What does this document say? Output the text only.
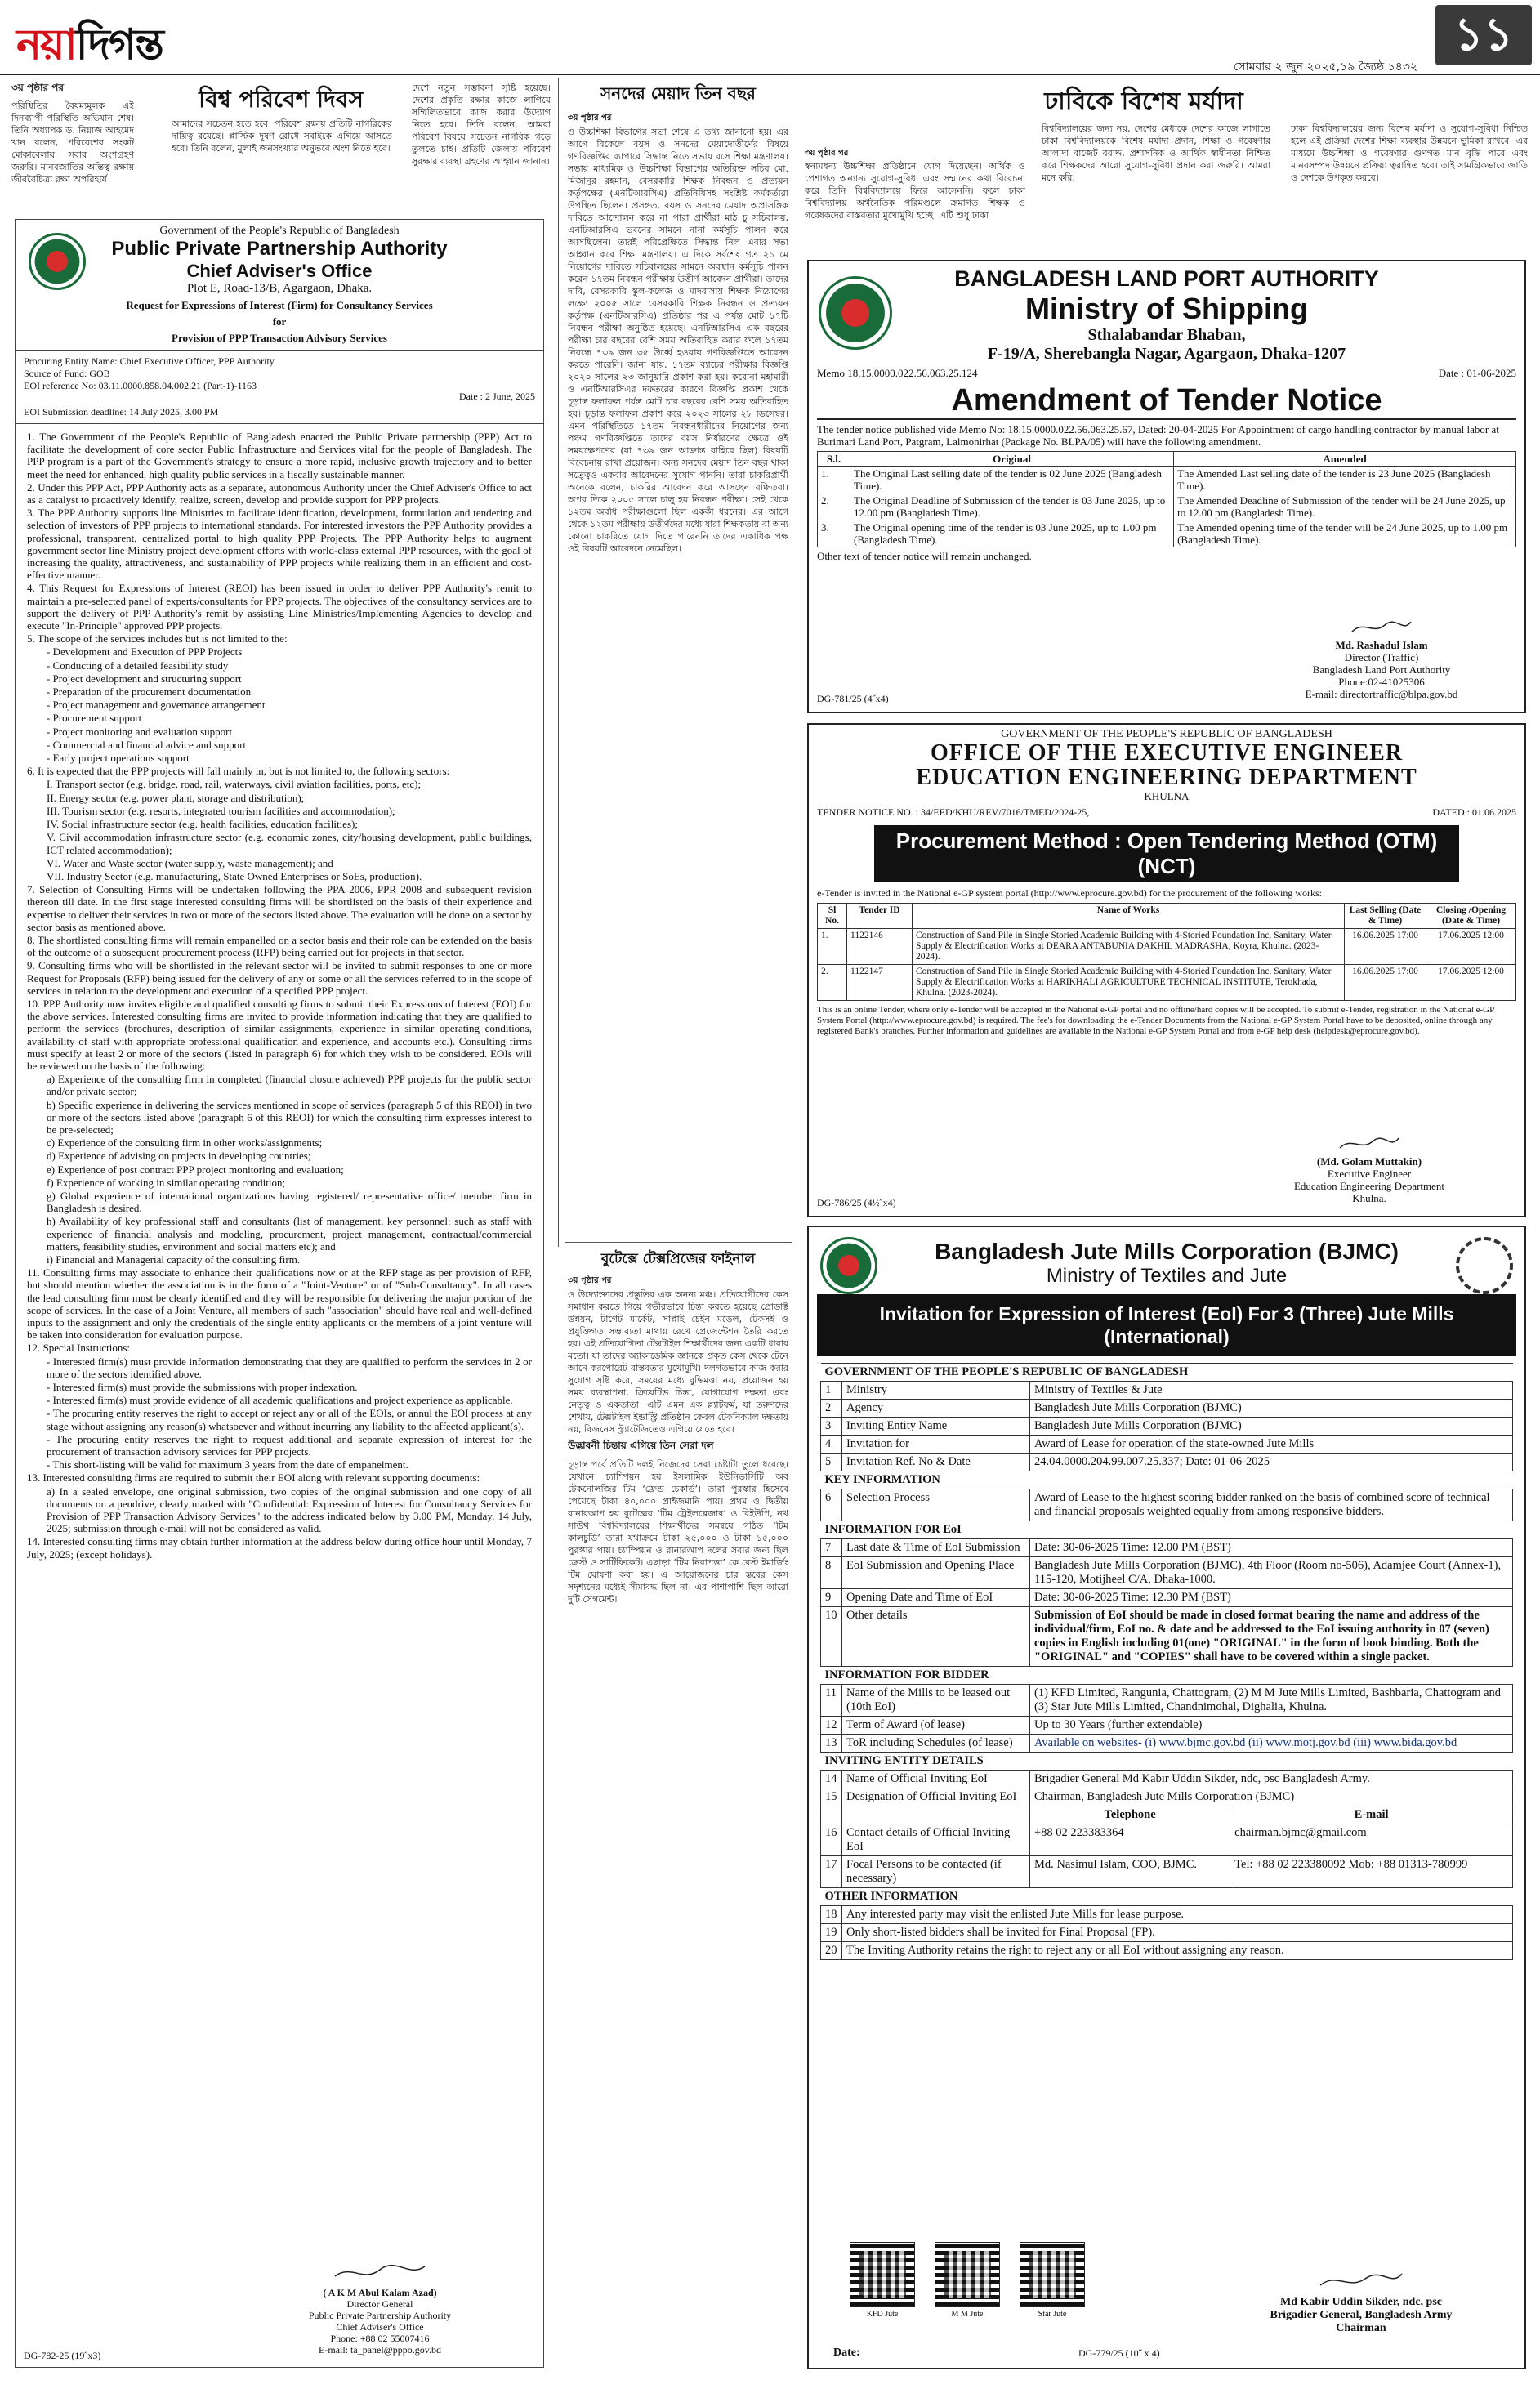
নয়াদিগন্ত	সোমবার ২ জুন ২০২৫,১৯ জ্যৈষ্ঠ ১৪৩২
১১
৩য় পৃষ্ঠার পর	বিশ্ব পরিবেশ দিবস
পরিস্থিতির বৈষম্যমূলক এই দিনব্যাপী পরিস্থিতি অভিযান শেষ। তিনি অধ্যাপক ড. নিয়াজ আহমেদ খান বলেন, পরিবেশের সংকট মোকাবেলায় সবার অংশগ্রহণ জরুরি। মানবজাতির অস্তিত্ব রক্ষায় জীববৈচিত্র্য রক্ষা অপরিহার্য।
আমাদের সচেতন হতে হবে। পরিবেশ রক্ষায় প্রতিটি নাগরিকের দায়িত্ব রয়েছে। প্লাস্টিক দূষণ রোধে সবাইকে এগিয়ে আসতে হবে। তিনি বলেন, মুলাই জনসংখ্যার অনুভবে অংশ নিতে হবে।
দেশে নতুন সম্ভাবনা সৃষ্টি হয়েছে। দেশের প্রকৃতি রক্ষার কাজে লাগিয়ে সম্মিলিতভাবে কাজ করার উদ্যোগ নিতে হবে। তিনি বলেন, আমরা পরিবেশ বিষয়ে সচেতন নাগরিক গড়ে তুলতে চাই। প্রতিটি জেলায় পরিবেশ সুরক্ষার ব্যবস্থা গ্রহণের আহ্বান জানান।
Government of the People's Republic of Bangladesh
Public Private Partnership Authority
Chief Adviser's Office
Plot E, Road-13/B, Agargaon, Dhaka.
Request for Expressions of Interest (Firm) for Consultancy Services
for
Provision of PPP Transaction Advisory Services
Procuring Entity Name: Chief Executive Officer, PPP Authority
Source of Fund: GOB
EOI reference No: 03.11.0000.858.04.002.21 (Part-1)-1163
Date : 2 June, 2025
EOI Submission deadline: 14 July 2025, 3.00 PM

1. The Government of the People's Republic of Bangladesh enacted the Public Private partnership (PPP) Act to facilitate the development of core sector Public Infrastructure and Services vital for the people of Bangladesh. The PPP program is a part of the Government's strategy to ensure a more rapid, inclusive growth trajectory and to better meet the need for enhanced, high quality public services in a fiscally sustainable manner.

2. Under this PPP Act, PPP Authority acts as a separate, autonomous Authority under the Chief Adviser's Office to act as a catalyst to proactively identify, realize, screen, develop and provide support for PPP projects.

3. The PPP Authority supports line Ministries to facilitate identification, development, formulation and tendering and selection of investors of PPP projects to international standards. For interested investors the PPP Authority provides a professional, transparent, centralized portal to high quality PPP Projects. The PPP Authority helps to augment government sector line Ministry project development efforts with world-class external PPP resources, with the goal of increasing the quality, attractiveness, and sustainability of PPP projects while realizing them in an efficient and cost-effective manner.

4. This Request for Expressions of Interest (REOI) has been issued in order to deliver PPP Authority's remit to maintain a pre-selected panel of experts/consultants for PPP projects. The objectives of the consultancy services are to support the delivery of PPP Authority's remit by assisting Line Ministries/Implementing Agencies to develop and execute "In-Principle" approved PPP projects.

5. The scope of the services includes but is not limited to the:

- Development and Execution of PPP Projects

- Conducting of a detailed feasibility study

- Project development and structuring support

- Preparation of the procurement documentation

- Project management and governance arrangement

- Procurement support

- Project monitoring and evaluation support

- Commercial and financial advice and support

- Early project operations support

6. It is expected that the PPP projects will fall mainly in, but is not limited to, the following sectors:

I. Transport sector (e.g. bridge, road, rail, waterways, civil aviation facilities, ports, etc);

II. Energy sector (e.g. power plant, storage and distribution);

III. Tourism sector (e.g. resorts, integrated tourism facilities and accommodation);

IV. Social infrastructure sector (e.g. health facilities, education facilities);

V. Civil accommodation infrastructure sector (e.g. economic zones, city/housing development, public buildings, ICT related accommodation);

VI. Water and Waste sector (water supply, waste management); and

VII. Industry Sector (e.g. manufacturing, State Owned Enterprises or SoEs, production).

7. Selection of Consulting Firms will be undertaken following the PPA 2006, PPR 2008 and subsequent revision thereon till date. In the first stage interested consulting firms will be shortlisted on the basis of their experience and expertise to deliver their services in two or more of the sectors listed above. The evaluation will be done on a sector by sector basis as mentioned above.

8. The shortlisted consulting firms will remain empanelled on a sector basis and their role can be extended on the basis of the outcome of a subsequent procurement process (RFP) being carried out for projects in that sector.

9. Consulting firms who will be shortlisted in the relevant sector will be invited to submit responses to one or more Request for Proposals (RFP) being issued for the delivery of any or some or all the services referred to in the scope of services in relation to the development and execution of a specified PPP project.

10. PPP Authority now invites eligible and qualified consulting firms to submit their Expressions of Interest (EOI) for the above services. Interested consulting firms are invited to provide information indicating that they are qualified to perform the services (brochures, description of similar assignments, experience in similar operating conditions, availability of staff with appropriate professional qualification and experience, and accounts etc.). Consulting firms must specify at least 2 or more of the sectors (listed in paragraph 6) for which they wish to be considered. EOIs will be reviewed on the basis of the following:

a) Experience of the consulting firm in completed (financial closure achieved) PPP projects for the public sector and/or private sector;

b) Specific experience in delivering the services mentioned in scope of services (paragraph 5 of this REOI) in two or more of the sectors listed above (paragraph 6 of this REOI) for which the consulting firm expresses interest to be pre-selected;

c) Experience of the consulting firm in other works/assignments;

d) Experience of advising on projects in developing countries;

e) Experience of post contract PPP project monitoring and evaluation;

f) Experience of working in similar operating condition;

g) Global experience of international organizations having registered/ representative office/ member firm in Bangladesh is desired.

h) Availability of key professional staff and consultants (list of management, key personnel: such as staff with experience of financial analysis and modeling, procurement, project management, contractual/commercial matters, feasibility studies, environment and social matters etc); and

i) Financial and Managerial capacity of the consulting firm.

11. Consulting firms may associate to enhance their qualifications now or at the RFP stage as per provision of RFP, but should mention whether the association is in the form of a "Joint-Venture" or of "Sub-Consultancy". In all cases the lead consulting firm must be clearly identified and they will be responsible for delivering the major portion of the scope of services. In the case of a Joint Venture, all members of such "association" should have real and well-defined inputs to the assignment and only the credentials of the single entity applicants or the members of a joint venture will be taken into consideration for evaluation purpose.

12. Special Instructions:

- Interested firm(s) must provide information demonstrating that they are qualified to perform the services in 2 or more of the sectors identified above.

- Interested firm(s) must provide the submissions with proper indexation.

- Interested firm(s) must provide evidence of all academic qualifications and project experience as applicable.

- The procuring entity reserves the right to accept or reject any or all of the EOIs, or annul the EOI process at any stage without assigning any reason(s) whatsoever and without incurring any liability to the affected applicant(s).

- The procuring entity reserves the right to request additional and separate expression of interest for the procurement of transaction advisory services for PPP projects.

- This short-listing will be valid for maximum 3 years from the date of empanelment.

13. Interested consulting firms are required to submit their EOI along with relevant supporting documents:

a) In a sealed envelope, one original submission, two copies of the original submission and one copy of all documents on a pendrive, clearly marked with "Confidential: Expression of Interest for Consultancy Services for Provision of PPP Transaction Advisory Services" to the address indicated below by 3.00 PM, Monday, 14 July, 2025; submission through e-mail will not be considered as valid.

14. Interested consulting firms may obtain further information at the address below during office hour until Monday, 7 July, 2025; (except holidays).

( A K M Abul Kalam Azad)
Director General
Public Private Partnership Authority
Chief Adviser's Office
Phone: +88 02 55007416
E-mail: ta_panel@pppo.gov.bd
DG-782-25 (19˝x3)
সনদের মেয়াদ তিন বছর
৩য় পৃষ্ঠার পর
ও উচ্চশিক্ষা বিভাগের সভা শেষে এ তথ্য জানানো হয়। এর আগে বিকেলে বয়স ও সনদের মেয়াদোত্তীর্ণের বিষয়ে গণবিজ্ঞপ্তির ব্যাপারে সিদ্ধান্ত নিতে সভায় বসে শিক্ষা মন্ত্রণালয়। সভায় মাধ্যমিক ও উচ্চশিক্ষা বিভাগের অতিরিক্ত সচিব মো. মিজানুর রহমান, বেসরকারি শিক্ষক নিবন্ধন ও প্রত্যয়ন কর্তৃপক্ষের (এনটিআরসিএ) প্রতিনিধিসহ সংশ্লিষ্ট কর্মকর্তারা উপস্থিত ছিলেন। প্রসঙ্গত, বয়স ও সনদের মেয়াদ অপ্রাসঙ্গিক দাবিতে আন্দোলন করে না পারা প্রার্থীরা মাঠ চু সচিবালয়, এনটিআরসিএ ভবনের সামনে নানা কর্মসূচি পালন করে আসছিলেন। তারই পরিপ্রেক্ষিতে সিদ্ধান্ত নিল এবার সভা আহ্বান করে শিক্ষা মন্ত্রণালয়। এ দিকে সর্বশেষ গত ২১ মে নিয়োগের দাবিতে সচিবালয়ের সামনে অবস্থান কর্মসূচি পালন করেন ১৭তম নিবন্ধন পরীক্ষায় উত্তীর্ণ আবেদন প্রার্থীরা। তাদের দাবি, বেসরকারি স্কুল-কলেজ ও মাদরাসায় শিক্ষক নিয়োগের লক্ষ্যে ২০০৫ সালে বেসরকারি শিক্ষক নিবন্ধন ও প্রত্যয়ন কর্তৃপক্ষ (এনটিআরসিএ) প্রতিষ্ঠার পর এ পর্যন্ত মোট ১৭টি নিবন্ধন পরীক্ষা অনুষ্ঠিত হয়েছে। এনটিআরসিএ এক বছরের পরীক্ষা চার বছরের বেশি সময় অতিবাহিত করার ফলে ১৭তম নিবন্ধে ৭৩৯ জন ৩৫ উর্ধ্বে হওয়ায় গণবিজ্ঞপ্তিতে আবেদন করতে পারেনি। জানা যায়, ১৭তম ব্যাচের পরীক্ষার বিজ্ঞপ্তি ২০২০ সালের ২৩ জানুয়ারি প্রকাশ করা হয়। করোনা মহামারী ও এনটিআরসিএর দফতরের কারণে বিজ্ঞপ্তি প্রকাশ থেকে চূড়ান্ত ফলাফল পর্যন্ত মোট চার বছরের বেশি সময় অতিবাহিত হয়। চূড়ান্ত ফলাফল প্রকাশ করে ২০২৩ সালের ২৮ ডিসেম্বর। এমন পরিস্থিতিতে ১৭তম নিবন্ধনধারীদের নিয়োগের জন্য পঞ্চম গণবিজ্ঞপ্তিতে তাদের বয়স নির্ধারণের ক্ষেত্রে ওই সময়ক্ষেপণের (যা ৭৩৯ জন আক্রান্ত বাহিরে ছিল) বিষয়টি বিবেচনায় রাখা প্রয়োজন। অন্য সনদের মেয়াদ তিন বছর থাকা সত্ত্বেও একবার আবেদনের সুযোগ পাননি। তারা চাকরিপ্রার্থী অনেকে বলেন, চাকরির আবেদন করে আসছেন বঞ্চিতরা। অপর দিকে ২০০৫ সালে চালু হয় নিবন্ধন পরীক্ষা। সেই থেকে ১২তম অবধি পরীক্ষাগুলো ছিল এককী ধরনের। এর আগে থেকে ১২তম পরীক্ষায় উত্তীর্ণদের মধ্যে যারা শিক্ষকতায় বা অন্য কোনো চাকরিতে যোগ দিতে পারেননি তাদের একাধিক পক্ষ ওই বিষয়টি আবেদনে নেমেছিল।
বুটেক্সে টেক্সপ্রিজের ফাইনাল
৩য় পৃষ্ঠার পর
ও উদ্যোক্তাদের প্রস্তুতির এক অনন্য মঞ্চ। প্রতিযোগীদের কেস সমাধান করতে গিয়ে গভীরভাবে চিন্তা করতে হয়েছে প্রোডাক্ট উন্নয়ন, টার্গেট মার্কেট, সাপ্লাই চেইন মডেল, টেকসই ও প্রযুক্তিগত সম্ভাব্যতা মাথায় রেখে প্রেজেন্টেশন তৈরি করতে হয়। এই প্রতিযোগিতা টেক্সটাইল শিক্ষার্থীদের জন্য একটি ধারার মতো। যা তাদের অ্যাকাডেমিক জ্ঞানকে প্রকৃত কেস থেকে টেনে আনে করপোরেট বাস্তবতার মুখোমুখি। দলগতভাবে কাজ করার সুযোগ সৃষ্টি করে, সময়ের মধ্যে বুদ্ধিমত্তা নয়, প্রয়োজন হয় সময় ব্যবস্থাপনা, ক্রিয়েটিভ চিন্তা, যোগাযোগ দক্ষতা এবং নেতৃত্ব ও একতাতা। এটি এমন এক প্ল্যাটফর্ম, যা তরুণদের শেখায়, টেক্সটাইল ইন্ডাস্ট্রি প্রতিষ্ঠান কেবল টেকনিক্যাল দক্ষতায় নয়, বিজনেস স্ট্র্যাটেজিতেও এগিয়ে যেতে হবে।
উদ্ভাবনী চিন্তায় এগিয়ে তিন সেরা দল
চূড়ান্ত পর্বে প্রতিটি দলই নিজেদের সেরা চেষ্টাটা তুলে ধরেছে। যেখানে চ্যাম্পিয়ন হয় ইসলামিক ইউনিভার্সিটি অব টেকনোলজির টিম ‘ফ্রেন্ড চেকার্ড’। তারা পুরস্কার হিসেবে পেয়েছে টাকা ৪০,০০০ প্রাইজমানি পায়। প্রথম ও দ্বিতীয় রানারআপ হয় বুটেক্সের ‘টিম ট্রেইলব্লেজার’ ও বিইউপি, নর্থ সাউথ বিশ্ববিদ্যালয়ের শিক্ষার্থীদের সমন্বয়ে গঠিত ‘টিম কালচুর্ডি’ তারা যথাক্রমে টাকা ২৫,০০০ ও টাকা ১৫,০০০ পুরস্কার পায়। চ্যাম্পিয়ন ও রানারআপ দলের সবার জন্য ছিল ক্রেস্ট ও সার্টিফিকেট। এছাড়া ‘টিম নিরাপত্তা’ কে বেস্ট ইমার্জিং টিম ঘোষণা করা হয়। এ আয়োজনের চার স্তরের কেস সদৃশ্যনের মধ্যেই সীমাবদ্ধ ছিল না। এর পাশাপাশি ছিল আরো দুটি সেগমেন্ট।
ঢাবিকে বিশেষ মর্যাদা
৩য় পৃষ্ঠার পর
স্বনামধন্য উচ্চশিক্ষা প্রতিষ্ঠানে যোগ দিয়েছেন। অর্থিক ও পেশাগত অন্যান্য সুযোগ-সুবিধা এবং সম্মানের কথা বিবেচনা করে তিনি বিশ্ববিদ্যালয়ে ফিরে আসেননি। ফলে ঢাকা বিশ্ববিদ্যালয় অর্থনৈতিক পরিমণ্ডলে ক্রমাগত শিক্ষক ও গবেষকদের বাস্তবতার মুখোমুখি হচ্ছে। এটি শুধু ঢাকা
বিশ্ববিদ্যালয়ের জন্য নয়, দেশের মেধাকে দেশের কাজে লাগাতে ঢাকা বিশ্ববিদ্যালয়কে বিশেষ মর্যাদা প্রদান, শিক্ষা ও গবেষণার আলাদা বাজেট বরাদ্দ, প্রশাসনিক ও আর্থিক স্বাধীনতা নিশ্চিত করে শিক্ষকদের আরো সুযোগ-সুবিধা প্রদান করা জরুরি। আমরা মনে করি,
ঢাকা বিশ্ববিদ্যালয়ের জন্য বিশেষ মর্যাদা ও সুযোগ-সুবিধা নিশ্চিত হলে এই প্রক্রিয়া দেশের শিক্ষা ব্যবস্থার উন্নয়নে ভূমিকা রাখবে। এর মাধ্যমে উচ্চশিক্ষা ও গবেষণার গুণগত মান বৃদ্ধি পাবে এবং মানবসম্পদ উন্নয়নে প্রক্রিয়া ত্বরান্বিত হবে। তাই সামগ্রিকভাবে জাতি ও দেশকে উপকৃত করবে।
BANGLADESH LAND PORT AUTHORITY
Ministry of Shipping
Sthalabandar Bhaban,
F-19/A, Sherebangla Nagar, Agargaon, Dhaka-1207
Memo 18.15.0000.022.56.063.25.124	Date : 01-06-2025
Amendment of Tender Notice
The tender notice published vide Memo No: 18.15.0000.022.56.063.25.67, Dated: 20-04-2025 For Appointment of cargo handling contractor by manual labor at Burimari Land Port, Patgram, Lalmonirhat (Package No. BLPA/05) will have the following amendment.
S.l.	Original	Amended
1.	The Original Last selling date of the tender is 02 June 2025 (Bangladesh Time).	The Amended Last selling date of the tender is 23 June 2025 (Bangladesh Time).
2.	The Original Deadline of Submission of the tender is 03 June 2025, up to 12.00 pm (Bangladesh Time).	The Amended Deadline of Submission of the tender will be 24 June 2025, up to 12.00 pm (Bangladesh Time).
3.	The Original opening time of the tender is 03 June 2025, up to 1.00 pm (Bangladesh Time).	The Amended opening time of the tender will be 24 June 2025, up to 1.00 pm (Bangladesh Time).
Other text of tender notice will remain unchanged.
Md. Rashadul Islam
Director (Traffic)
Bangladesh Land Port Authority
Phone:02-41025306
E-mail: directortraffic@blpa.gov.bd
DG-781/25 (4˝x4)
GOVERNMENT OF THE PEOPLE'S REPUBLIC OF BANGLADESH
OFFICE OF THE EXECUTIVE ENGINEER
EDUCATION ENGINEERING DEPARTMENT
KHULNA
TENDER NOTICE NO. : 34/EED/KHU/REV/7016/TMED/2024-25,	DATED : 01.06.2025
Procurement Method : Open Tendering Method (OTM) (NCT)
e-Tender is invited in the National e-GP system portal (http://www.eprocure.gov.bd) for the procurement of the following works:
Sl No.	Tender ID	Name of Works	Last Selling (Date & Time)	Closing /Opening (Date & Time)
1.	1122146	Construction of Sand Pile in Single Storied Academic Building with 4-Storied Foundation Inc. Sanitary, Water Supply & Electrification Works at DEARA ANTABUNIA DAKHIL MADRASHA, Koyra, Khulna. (2023-2024).	16.06.2025 17:00	17.06.2025 12:00
2.	1122147	Construction of Sand Pile in Single Storied Academic Building with 4-Storied Foundation Inc. Sanitary, Water Supply & Electrification Works at HARIKHALI AGRICULTURE TECHNICAL INSTITUTE, Terokhada, Khulna. (2023-2024).	16.06.2025 17:00	17.06.2025 12:00
This is an online Tender, where only e-Tender will be accepted in the National e-GP portal and no offline/hard copies will be accepted. To submit e-Tender, registration in the National e-GP System Portal (http://www.eprocure.gov.bd) is required. The fee's for downloading the e-Tender Documents from the National e-GP System Portal have to be deposited, online through any registered Bank's branches. Further information and guidelines are available in the National e-GP System Portal and from e-GP help desk (helpdesk@eprocure.gov.bd).
(Md. Golam Muttakin)
Executive Engineer
Education Engineering Department
Khulna.
DG-786/25 (4½˝x4)
Bangladesh Jute Mills Corporation (BJMC)
Ministry of Textiles and Jute
Invitation for Expression of Interest (EoI) For 3 (Three) Jute Mills (International)
GOVERNMENT OF THE PEOPLE'S REPUBLIC OF BANGLADESH		
1	Ministry	Ministry of Textiles & Jute
2	Agency	Bangladesh Jute Mills Corporation (BJMC)
3	Inviting Entity Name	Bangladesh Jute Mills Corporation (BJMC)
4	Invitation for	Award of Lease for operation of the state-owned Jute Mills
5	Invitation Ref. No & Date	24.04.0000.204.99.007.25.337; Date: 01-06-2025
KEY INFORMATION		
6	Selection Process	Award of Lease to the highest scoring bidder ranked on the basis of combined score of technical and financial proposals weighted equally from among responsive bidders.
INFORMATION FOR EoI		
7	Last date & Time of EoI Submission	Date: 30-06-2025 Time: 12.00 PM (BST)
8	EoI Submission and Opening Place	Bangladesh Jute Mills Corporation (BJMC), 4th Floor (Room no-506), Adamjee Court (Annex-1), 115-120, Motijheel C/A, Dhaka-1000.
9	Opening Date and Time of EoI	Date: 30-06-2025 Time: 12.30 PM (BST)
10	Other details	Submission of EoI should be made in closed format bearing the name and address of the individual/firm, EoI no. & date and be addressed to the EoI issuing authority in 07 (seven) copies in English including 01(one) "ORIGINAL" in the form of book binding. Both the "ORIGINAL" and "COPIES" shall have to be covered within a single packet.
INFORMATION FOR BIDDER		
11	Name of the Mills to be leased out (10th EoI)	(1) KFD Limited, Rangunia, Chattogram, (2) M M Jute Mills Limited, Bashbaria, Chattogram and (3) Star Jute Mills Limited, Chandnimohal, Dighalia, Khulna.
12	Term of Award (of lease)	Up to 30 Years (further extendable)
13	ToR including Schedules (of lease)	Available on websites- (i) www.bjmc.gov.bd (ii) www.motj.gov.bd (iii) www.bida.gov.bd
INVITING ENTITY DETAILS		
14	Name of Official Inviting EoI	Brigadier General Md Kabir Uddin Sikder, ndc, psc Bangladesh Army.
15	Designation of Official Inviting EoI	Chairman, Bangladesh Jute Mills Corporation (BJMC)
		Telephone	E-mail
16	Contact details of Official Inviting EoI	+88 02 223383364	chairman.bjmc@gmail.com
17	Focal Persons to be contacted (if necessary)	Md. Nasimul Islam, COO, BJMC.	Tel: +88 02 223380092 Mob: +88 01313-780999
OTHER INFORMATION			
18	Any interested party may visit the enlisted Jute Mills for lease purpose.		
19	Only short-listed bidders shall be invited for Final Proposal (FP).		
20	The Inviting Authority retains the right to reject any or all EoI without assigning any reason.		
KFD Jute	M M Jute	Star Jute
Md Kabir Uddin Sikder, ndc, psc
Brigadier General, Bangladesh Army
Chairman
Date:	DG-779/25 (10˝ x 4)
